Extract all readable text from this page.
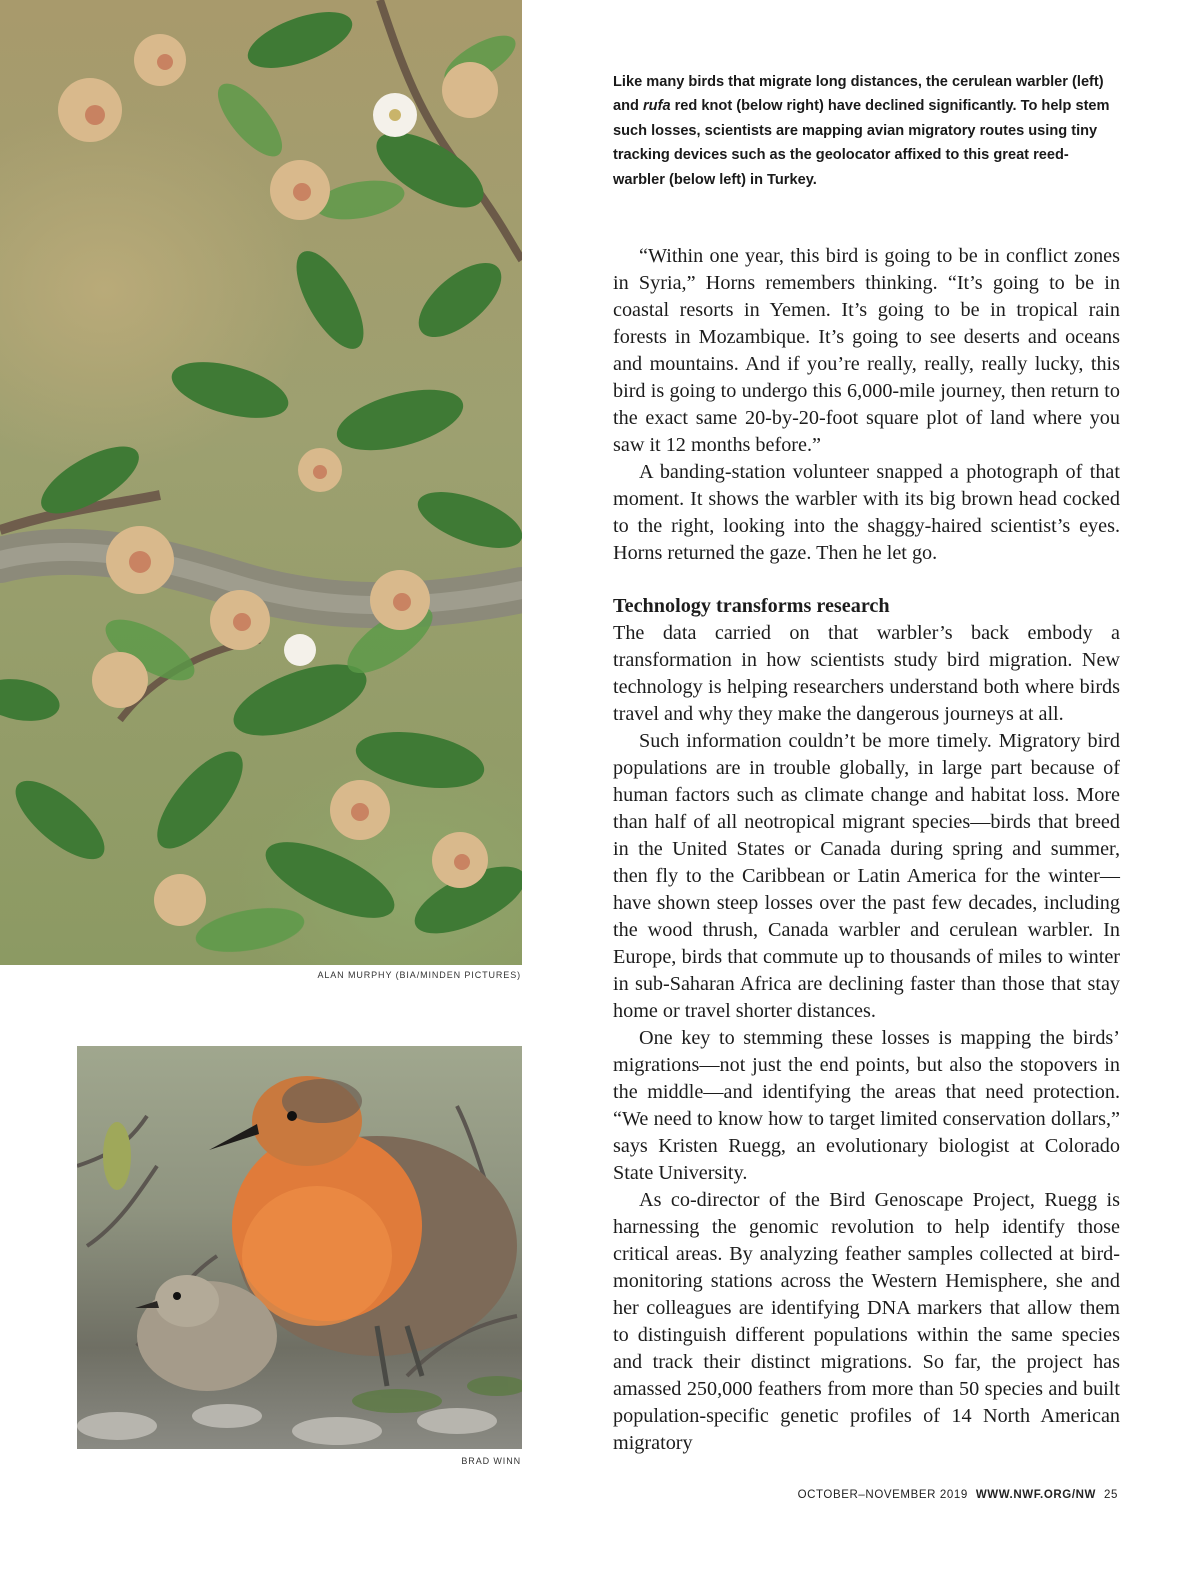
ALAN MURPHY (BIA/MINDEN PICTURES)
BRAD WINN

Like many birds that migrate long distances, the cerulean warbler (left) and rufa red knot (below right) have declined significantly. To help stem such losses, scientists are mapping avian migratory routes using tiny tracking devices such as the geolocator affixed to this great reed-warbler (below left) in Turkey.

“Within one year, this bird is going to be in conflict zones in Syria,” Horns remembers thinking. “It’s going to be in coastal resorts in Yemen. It’s going to be in tropical rain forests in Mozambique. It’s going to see deserts and oceans and mountains. And if you’re really, really, really lucky, this bird is going to undergo this 6,000-mile journey, then return to the exact same 20-by-20-foot square plot of land where you saw it 12 months before.”

A banding-station volunteer snapped a photograph of that moment. It shows the warbler with its big brown head cocked to the right, looking into the shaggy-haired scientist’s eyes. Horns returned the gaze. Then he let go.

Technology transforms research

The data carried on that warbler’s back embody a transformation in how scientists study bird migration. New technology is helping researchers understand both where birds travel and why they make the dangerous journeys at all.

Such information couldn’t be more timely. Migratory bird populations are in trouble globally, in large part because of human factors such as climate change and habitat loss. More than half of all neotropical migrant species—birds that breed in the United States or Canada during spring and summer, then fly to the Caribbean or Latin America for the winter—have shown steep losses over the past few decades, including the wood thrush, Canada warbler and cerulean warbler. In Europe, birds that commute up to thousands of miles to winter in sub-Saharan Africa are declining faster than those that stay home or travel shorter distances.

One key to stemming these losses is mapping the birds’ migrations—not just the end points, but also the stopovers in the middle—and identifying the areas that need protection. “We need to know how to target limited conservation dollars,” says Kristen Ruegg, an evolutionary biologist at Colorado State University.

As co-director of the Bird Genoscape Project, Ruegg is harnessing the genomic revolution to help identify those critical areas. By analyzing feather samples collected at bird-monitoring stations across the Western Hemisphere, she and her colleagues are identifying DNA markers that allow them to distinguish different populations within the same species and track their distinct migrations. So far, the project has amassed 250,000 feathers from more than 50 species and built population-specific genetic profiles of 14 North American migratory

OCTOBER–NOVEMBER 2019 WWW.NWF.ORG/NW 25
